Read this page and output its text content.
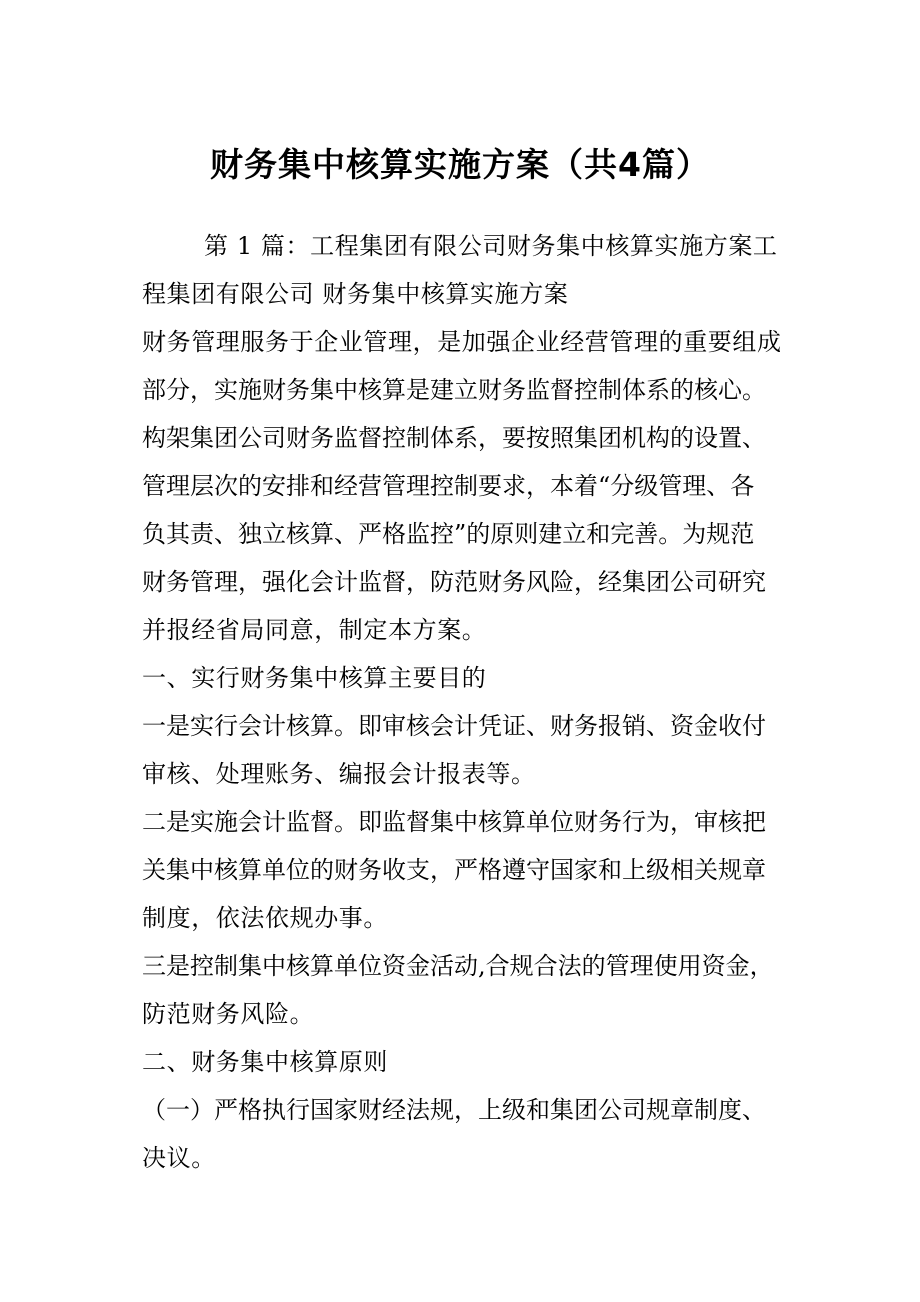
财务集中核算实施方案（共4篇）

第 1 篇：工程集团有限公司财务集中核算实施方案工

程集团有限公司 财务集中核算实施方案

财务管理服务于企业管理，是加强企业经营管理的重要组成

部分，实施财务集中核算是建立财务监督控制体系的核心。

构架集团公司财务监督控制体系，要按照集团机构的设置、

管理层次的安排和经营管理控制要求，本着“分级管理、各

负其责、独立核算、严格监控”的原则建立和完善。为规范

财务管理，强化会计监督，防范财务风险，经集团公司研究

并报经省局同意，制定本方案。

一、实行财务集中核算主要目的

一是实行会计核算。即审核会计凭证、财务报销、资金收付

审核、处理账务、编报会计报表等。

二是实施会计监督。即监督集中核算单位财务行为，审核把

关集中核算单位的财务收支，严格遵守国家和上级相关规章

制度，依法依规办事。

三是控制集中核算单位资金活动,合规合法的管理使用资金，

防范财务风险。

二、财务集中核算原则

（一）严格执行国家财经法规，上级和集团公司规章制度、

决议。
